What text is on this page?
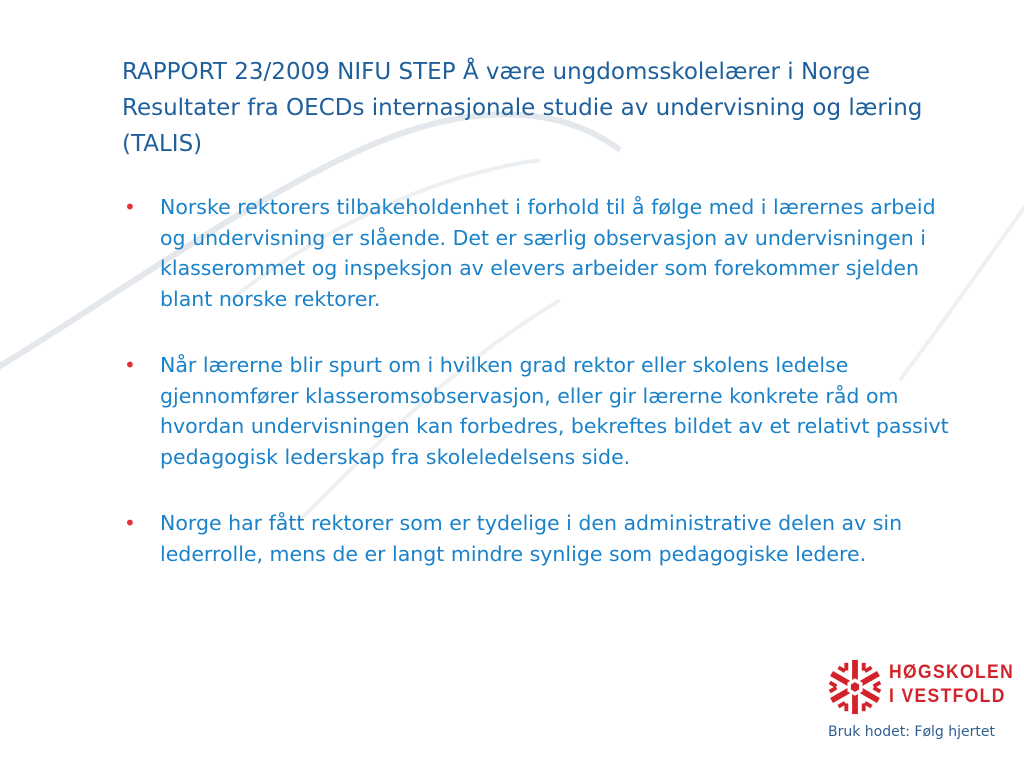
RAPPORT 23/2009 NIFU STEP Å være ungdomsskolelærer i Norge Resultater fra OECDs internasjonale studie av undervisning og læring (TALIS)
• Norske rektorers tilbakeholdenhet i forhold til å følge med i lærernes arbeid og undervisning er slående. Det er særlig observasjon av undervisningen i klasserommet og inspeksjon av elevers arbeider som forekommer sjelden blant norske rektorer.
• Når lærerne blir spurt om i hvilken grad rektor eller skolens ledelse gjennomfører klasseromsobservasjon, eller gir lærerne konkrete råd om hvordan undervisningen kan forbedres, bekreftes bildet av et relativt passivt pedagogisk lederskap fra skoleledelsens side.
• Norge har fått rektorer som er tydelige i den administrative delen av sin lederrolle, mens de er langt mindre synlige som pedagogiske ledere.
HØGSKOLEN
I VESTFOLD
Bruk hodet: Følg hjertet
